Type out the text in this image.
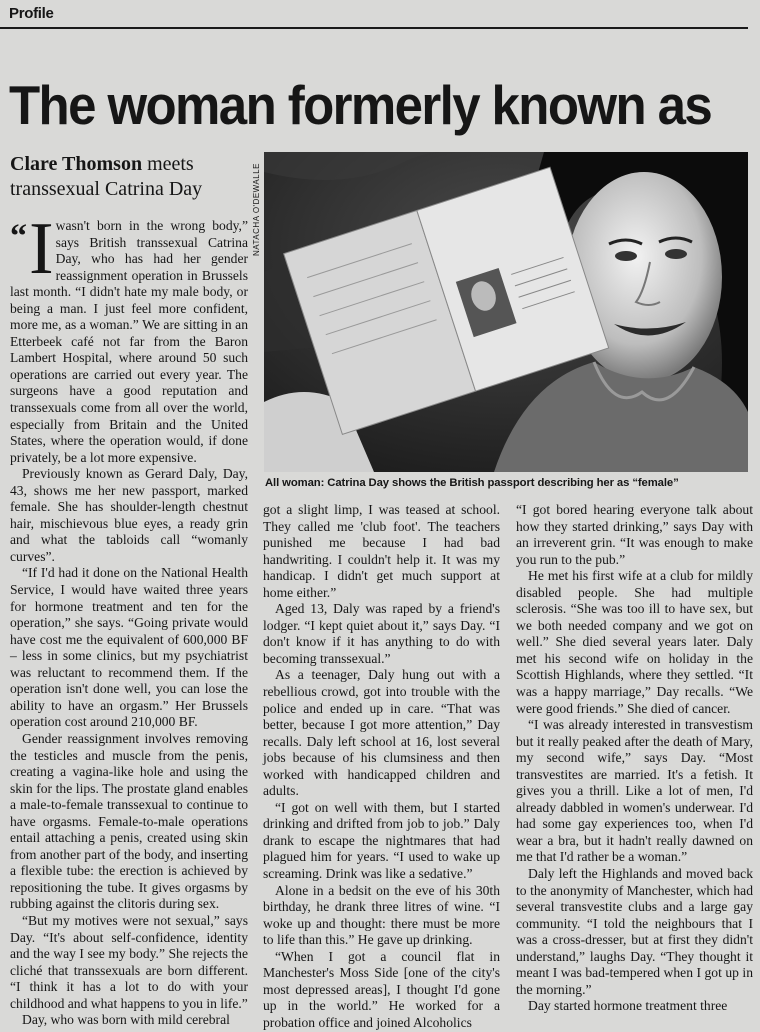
Profile
The woman formerly known as
Clare Thomson meets transsexual Catrina Day	NATACHA O'DEWALLE
All woman: Catrina Day shows the British passport describing her as “female”

“ I wasn't born in the wrong body,” says British transsexual Catrina Day, who has had her gender reassignment operation in Brussels last month. “I didn't hate my male body, or being a man. I just feel more confident, more me, as a woman.” We are sitting in an Etterbeek café not far from the Baron Lambert Hospital, where around 50 such operations are carried out every year. The surgeons have a good reputation and transsexuals come from all over the world, especially from Britain and the United States, where the operation would, if done privately, be a lot more expensive.

Previously known as Gerard Daly, Day, 43, shows me her new passport, marked female. She has shoulder-length chestnut hair, mischievous blue eyes, a ready grin and what the tabloids call “womanly curves”.

“If I'd had it done on the National Health Service, I would have waited three years for hormone treatment and ten for the operation,” she says. “Going private would have cost me the equivalent of 600,000 BF – less in some clinics, but my psychiatrist was reluctant to recommend them. If the operation isn't done well, you can lose the ability to have an orgasm.” Her Brussels operation cost around 210,000 BF.

Gender reassignment involves removing the testicles and muscle from the penis, creating a vagina-like hole and using the skin for the lips. The prostate gland enables a male-to-female transsexual to continue to have orgasms. Female-to-male operations entail attaching a penis, created using skin from another part of the body, and inserting a flexible tube: the erection is achieved by repositioning the tube. It gives orgasms by rubbing against the clitoris during sex.

“But my motives were not sexual,” says Day. “It's about self-confidence, identity and the way I see my body.” She rejects the cliché that transsexuals are born different. “I think it has a lot to do with your childhood and what happens to you in life.”

Day, who was born with mild cerebral

got a slight limp, I was teased at school. They called me 'club foot'. The teachers punished me because I had bad handwriting. I couldn't help it. It was my handicap. I didn't get much support at home either.”

Aged 13, Daly was raped by a friend's lodger. “I kept quiet about it,” says Day. “I don't know if it has anything to do with becoming transsexual.”

As a teenager, Daly hung out with a rebellious crowd, got into trouble with the police and ended up in care. “That was better, because I got more attention,” Day recalls. Daly left school at 16, lost several jobs because of his clumsiness and then worked with handicapped children and adults.

“I got on well with them, but I started drinking and drifted from job to job.” Daly drank to escape the nightmares that had plagued him for years. “I used to wake up screaming. Drink was like a sedative.”

Alone in a bedsit on the eve of his 30th birthday, he drank three litres of wine. “I woke up and thought: there must be more to life than this.” He gave up drinking.

“When I got a council flat in Manchester's Moss Side [one of the city's most depressed areas], I thought I'd gone up in the world.” He worked for a probation office and joined Alcoholics

“I got bored hearing everyone talk about how they started drinking,” says Day with an irreverent grin. “It was enough to make you run to the pub.”

He met his first wife at a club for mildly disabled people. She had multiple sclerosis. “She was too ill to have sex, but we both needed company and we got on well.” She died several years later. Daly met his second wife on holiday in the Scottish Highlands, where they settled. “It was a happy marriage,” Day recalls. “We were good friends.” She died of cancer.

“I was already interested in transvestism but it really peaked after the death of Mary, my second wife,” says Day. “Most transvestites are married. It's a fetish. It gives you a thrill. Like a lot of men, I'd already dabbled in women's underwear. I'd had some gay experiences too, when I'd wear a bra, but it hadn't really dawned on me that I'd rather be a woman.”

Daly left the Highlands and moved back to the anonymity of Manchester, which had several transvestite clubs and a large gay community. “I told the neighbours that I was a cross-dresser, but at first they didn't understand,” laughs Day. “They thought it meant I was bad-tempered when I got up in the morning.”

Day started hormone treatment three
